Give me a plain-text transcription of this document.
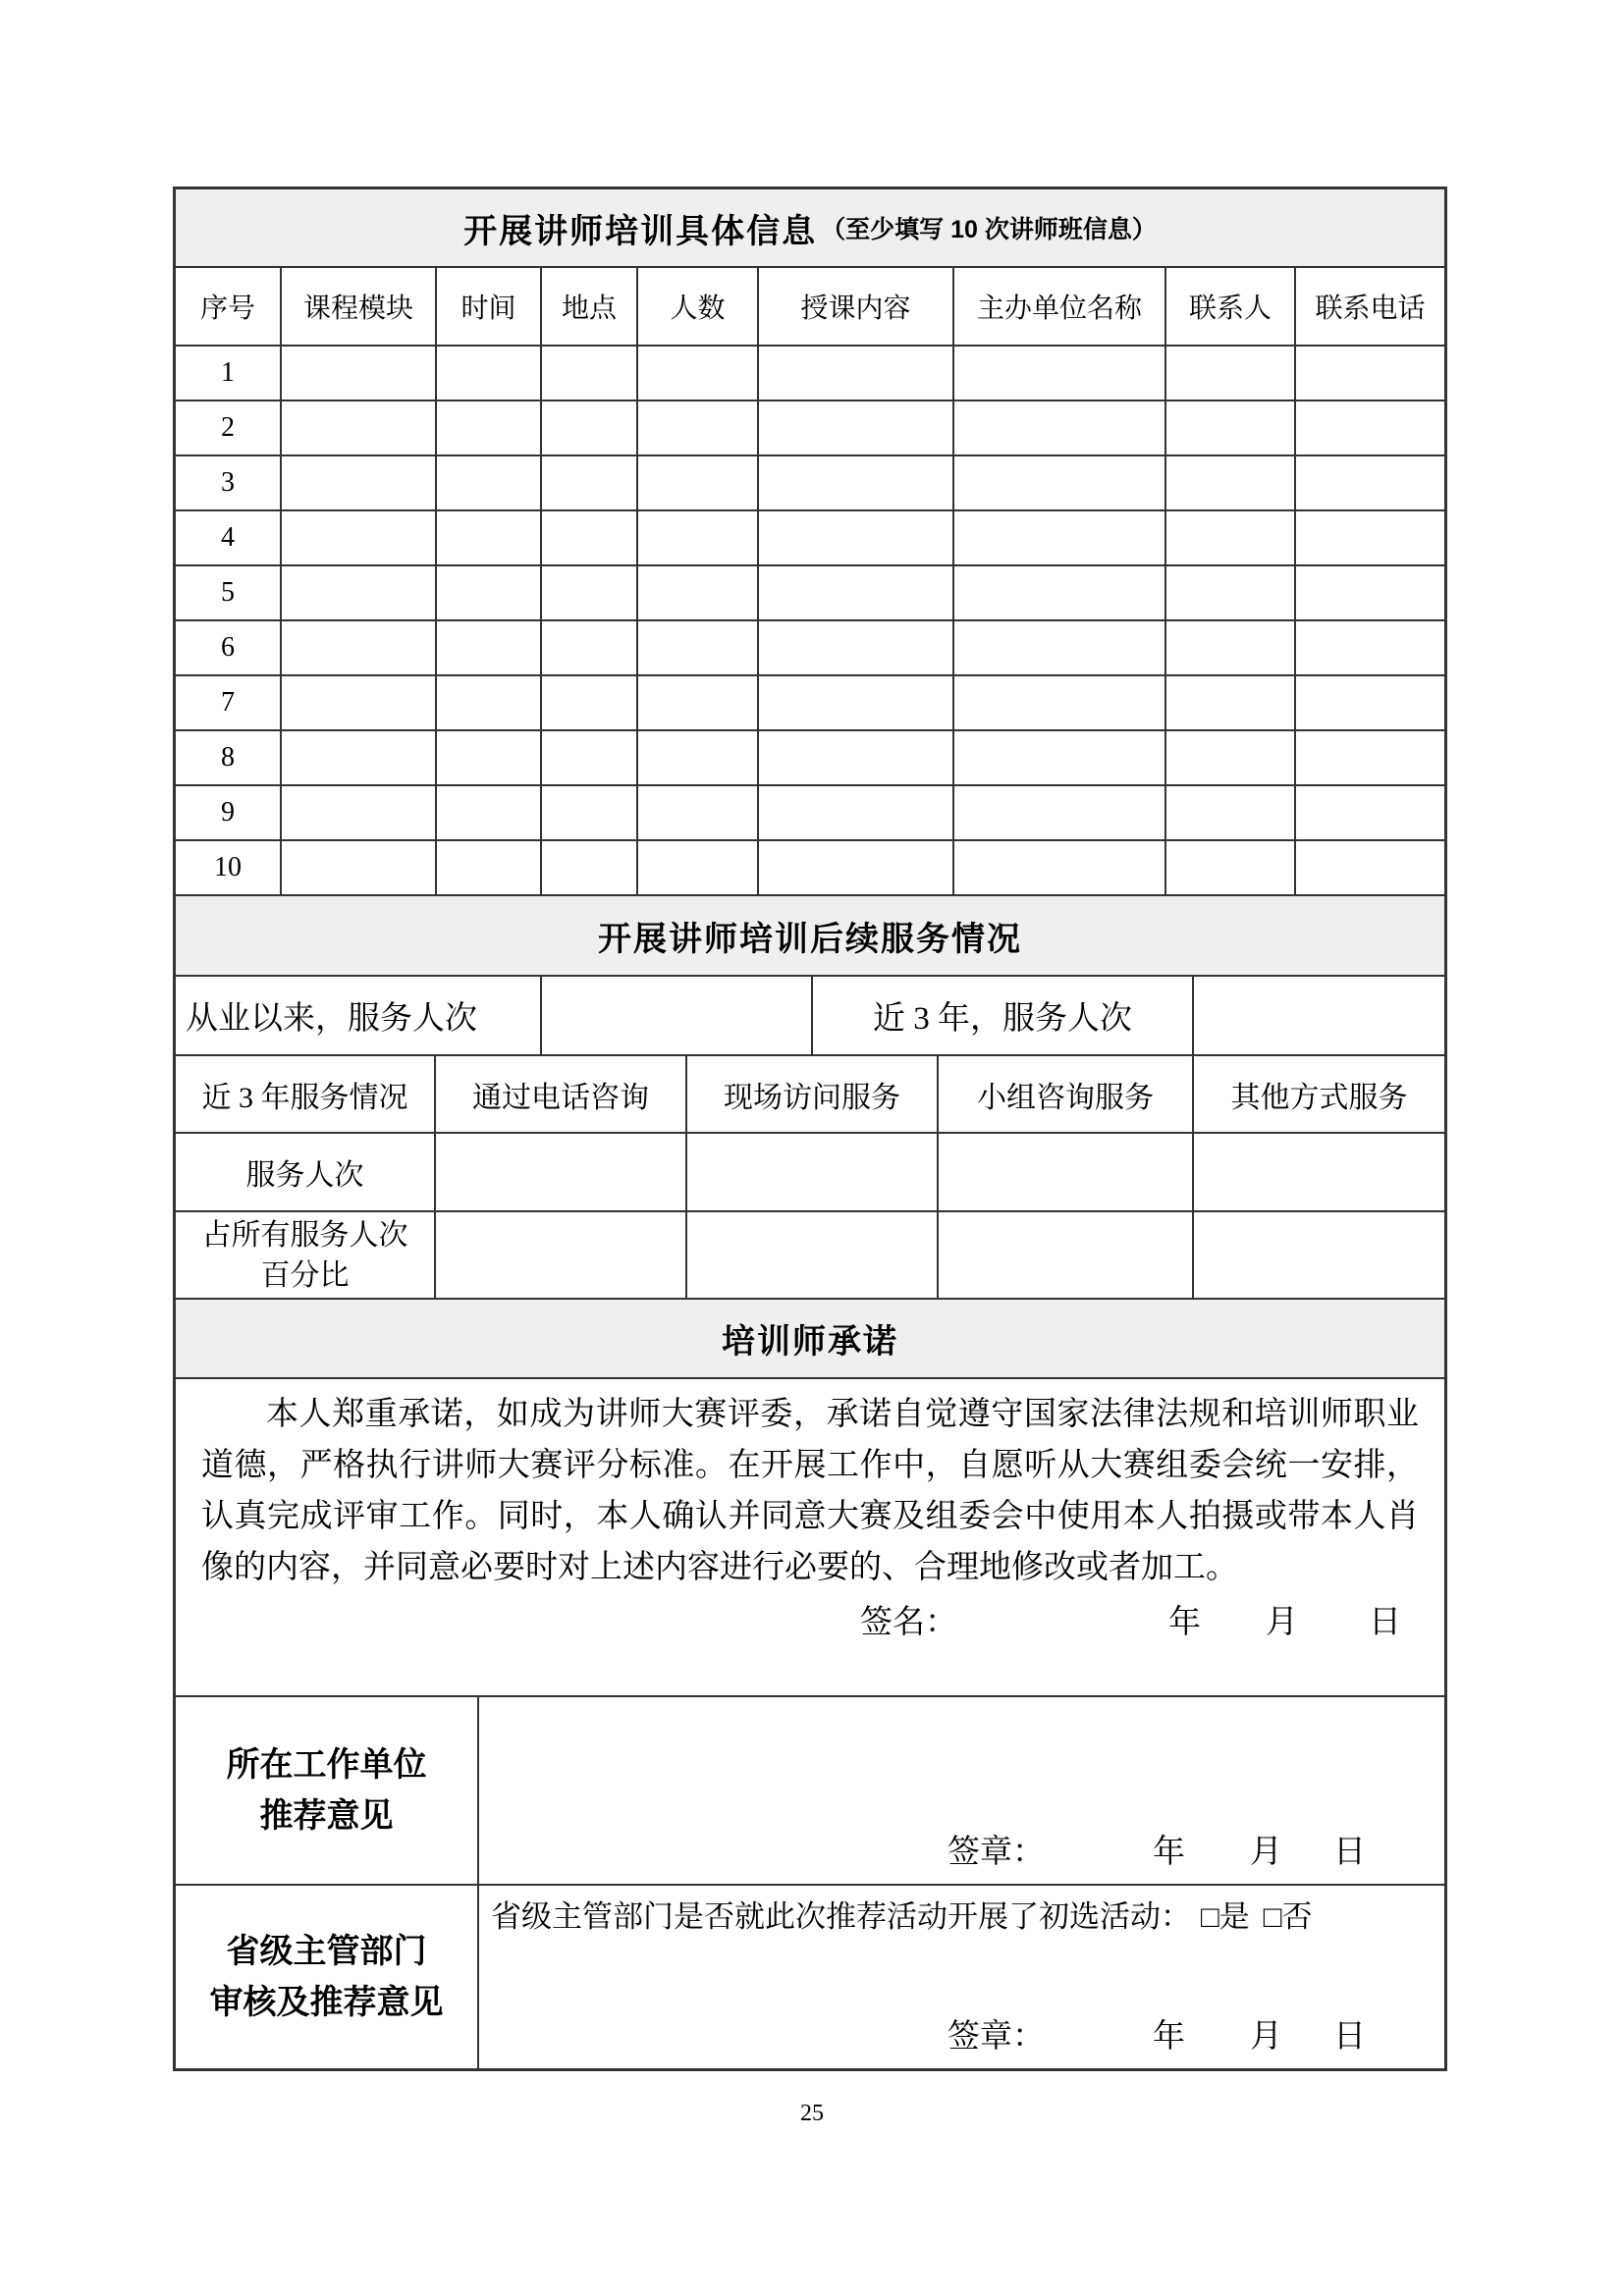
开展讲师培训具体信息 （至少填写 10 次讲师班信息）
序号	课程模块	时间	地点	人数	授课内容	主办单位名称	联系人	联系电话
1
2
3
4
5
6
7
8
9
10
开展讲师培训后续服务情况
从业以来，服务人次	近 3 年，服务人次
近 3 年服务情况	通过电话咨询	现场访问服务	小组咨询服务	其他方式服务
服务人次
占所有服务人次
百分比
培训师承诺
本人郑重承诺，如成为讲师大赛评委，承诺自觉遵守国家法律法规和培训师职业道德，严格执行讲师大赛评分标准。在开展工作中，自愿听从大赛组委会统一安排，认真完成评审工作。同时，本人确认并同意大赛及组委会中使用本人拍摄或带本人肖像的内容，并同意必要时对上述内容进行必要的、合理地修改或者加工。
签名：	年 月 日
所在工作单位
推荐意见
签章：	年 月 日
省级主管部门
审核及推荐意见
省级主管部门是否就此次推荐活动开展了初选活动： □是 □否
签章：	年 月 日
25
